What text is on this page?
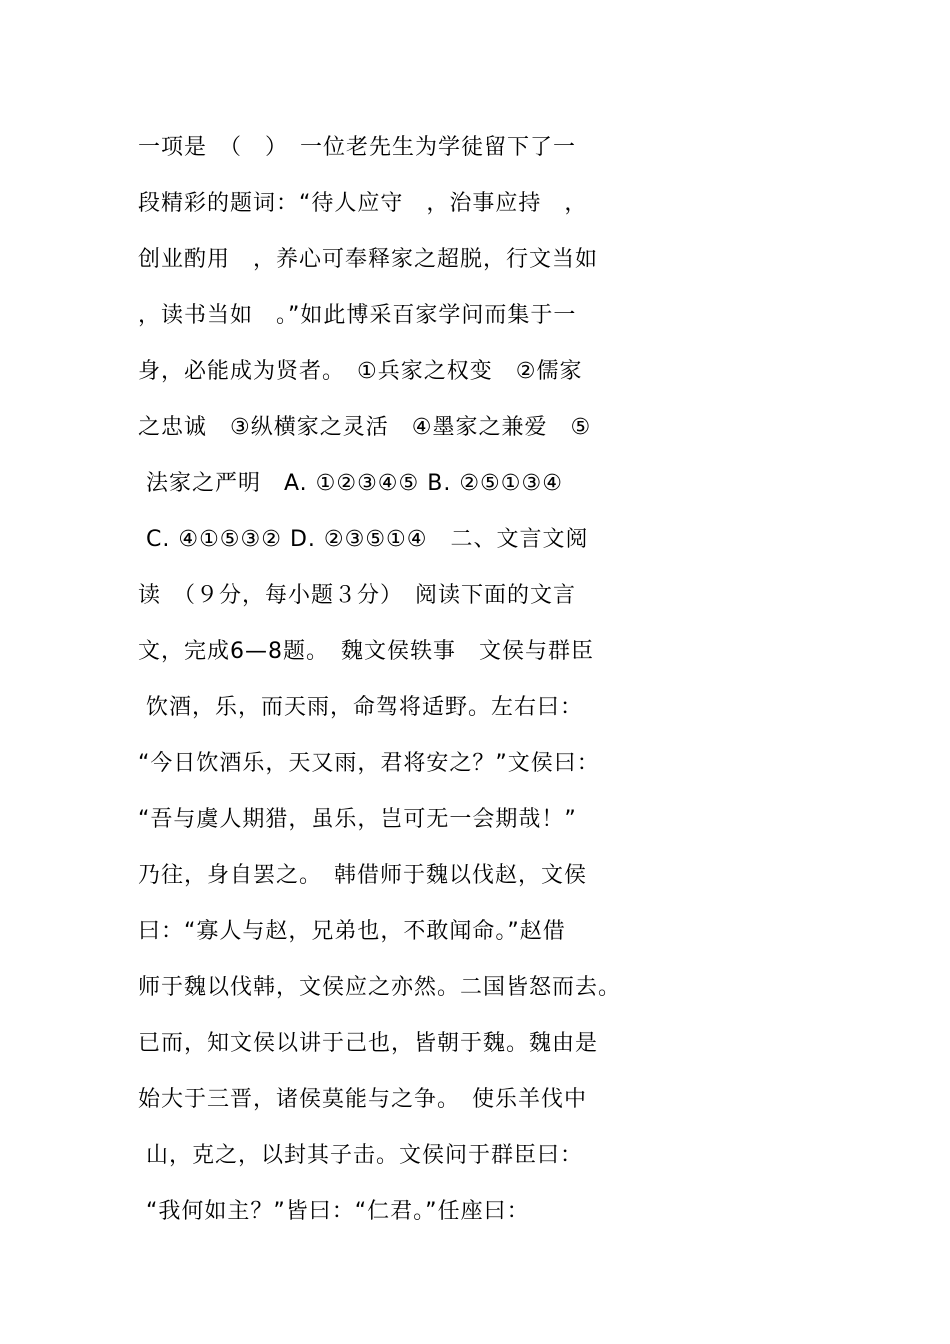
一项是　（　）　一位老先生为学徒留下了一
段精彩的题词：“待人应守　，治事应持　，
创业酌用　，养心可奉释家之超脱，行文当如
，读书当如　。”如此博采百家学问而集于一
身，必能成为贤者。　①兵家之权变　②儒家
之忠诚　③纵横家之灵活　④墨家之兼爱　⑤
法家之严明　A. ①②③④⑤ B. ②⑤①③④
C. ④①⑤③② D. ②③⑤①④　二、文言文阅
读　（９分，每小题３分）　阅读下面的文言
文，完成6—8题。　魏文侯轶事　文侯与群臣
饮酒，乐，而天雨，命驾将适野。左右曰：
“今日饮酒乐，天又雨，君将安之？”文侯曰：
“吾与虞人期猎，虽乐，岂可无一会期哉！”
乃往，身自罢之。　韩借师于魏以伐赵，文侯
曰：“寡人与赵，兄弟也，不敢闻命。”赵借
师于魏以伐韩，文侯应之亦然。二国皆怒而去。
已而，知文侯以讲于己也，皆朝于魏。魏由是
始大于三晋，诸侯莫能与之争。　使乐羊伐中
山，克之，以封其子击。文侯问于群臣曰：
“我何如主？”皆曰：“仁君。”任座曰：
